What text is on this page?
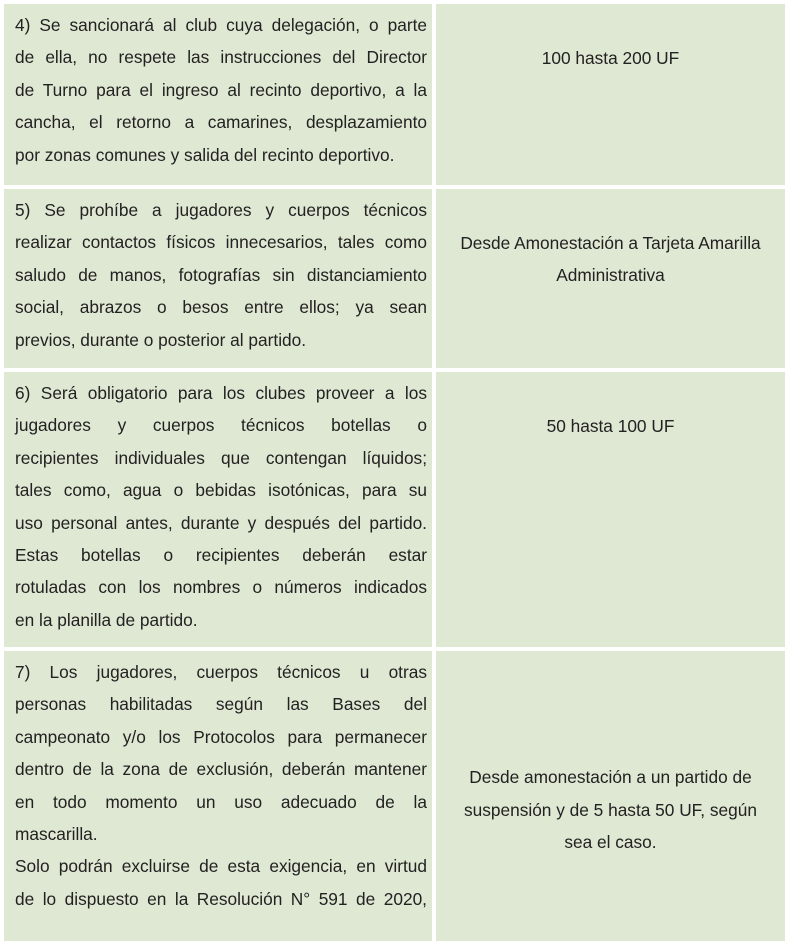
4) Se sancionará al club cuya delegación, o parte
de ella, no respete las instrucciones del Director
de Turno para el ingreso al recinto deportivo, a la
cancha, el retorno a camarines, desplazamiento
por zonas comunes y salida del recinto deportivo.
100 hasta 200 UF
5) Se prohíbe a jugadores y cuerpos técnicos
realizar contactos físicos innecesarios, tales como
saludo de manos, fotografías sin distanciamiento
social, abrazos o besos entre ellos; ya sean
previos, durante o posterior al partido.
Desde Amonestación a Tarjeta Amarilla
Administrativa
6) Será obligatorio para los clubes proveer a los
jugadores y cuerpos técnicos botellas o
recipientes individuales que contengan líquidos;
tales como, agua o bebidas isotónicas, para su
uso personal antes, durante y después del partido.
Estas botellas o recipientes deberán estar
rotuladas con los nombres o números indicados
en la planilla de partido.
50 hasta 100 UF
7) Los jugadores, cuerpos técnicos u otras
personas habilitadas según las Bases del
campeonato y/o los Protocolos para permanecer
dentro de la zona de exclusión, deberán mantener
en todo momento un uso adecuado de la
mascarilla.
Solo podrán excluirse de esta exigencia, en virtud
de lo dispuesto en la Resolución N° 591 de 2020,
Desde amonestación a un partido de
suspensión y de 5 hasta 50 UF, según
sea el caso.
